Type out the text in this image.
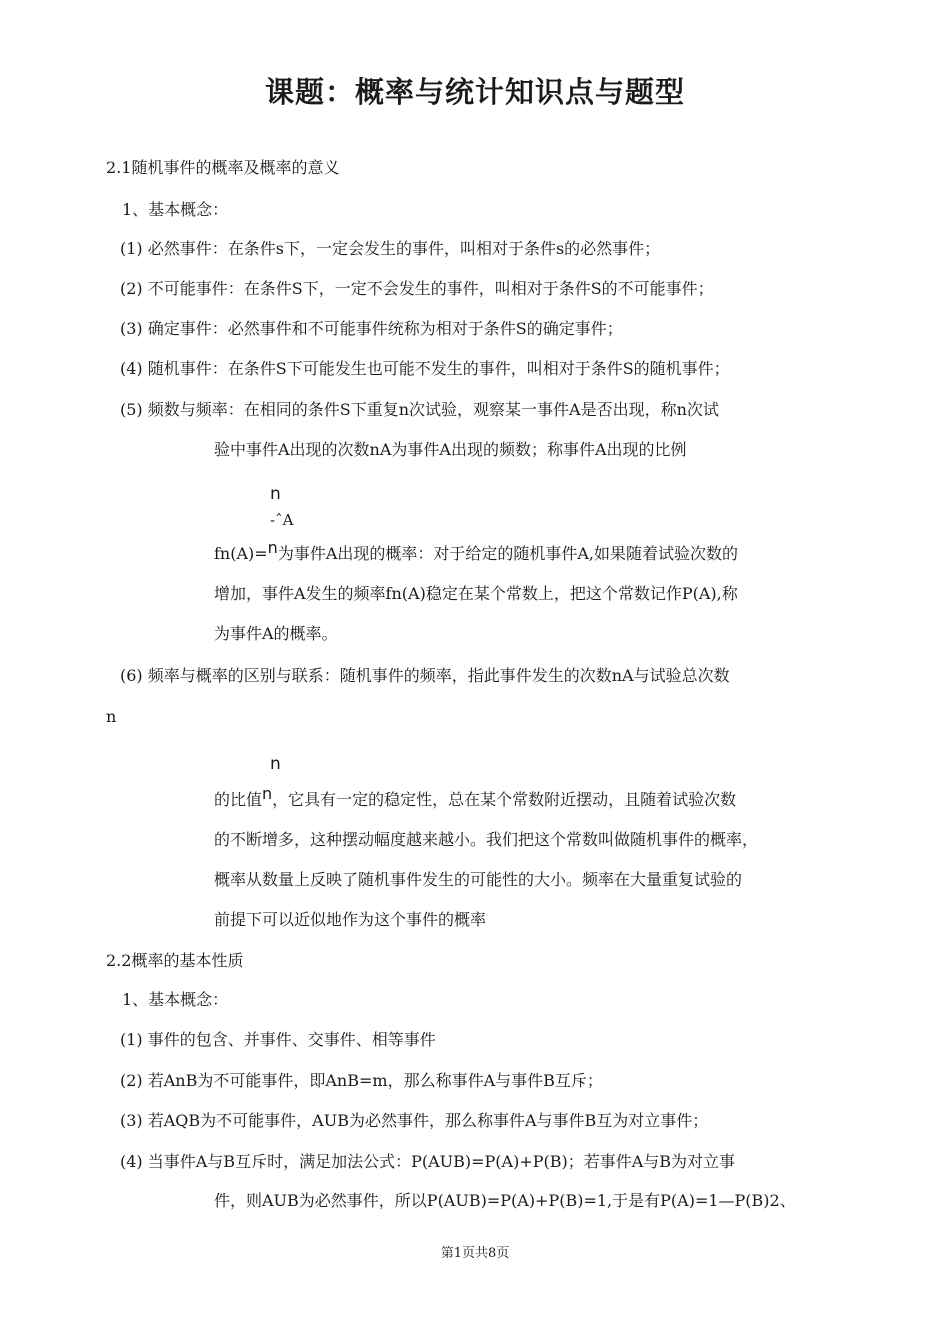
课题：概率与统计知识点与题型
2.1随机事件的概率及概率的意义
1、基本概念：
(1) 必然事件：在条件s下，一定会发生的事件，叫相对于条件s的必然事件；
(2) 不可能事件：在条件S下，一定不会发生的事件，叫相对于条件S的不可能事件；
(3) 确定事件：必然事件和不可能事件统称为相对于条件S的确定事件；
(4) 随机事件：在条件S下可能发生也可能不发生的事件，叫相对于条件S的随机事件；
(5) 频数与频率：在相同的条件S下重复n次试验，观察某一事件A是否出现，称n次试
验中事件A出现的次数nA为事件A出现的频数；称事件A出现的比例
n
-ˆA
fn(A)=n为事件A出现的概率：对于给定的随机事件A,如果随着试验次数的
增加，事件A发生的频率fn(A)稳定在某个常数上，把这个常数记作P(A),称
为事件A的概率。
(6) 频率与概率的区别与联系：随机事件的频率，指此事件发生的次数nA与试验总次数
n
n
的比值n，它具有一定的稳定性，总在某个常数附近摆动，且随着试验次数
的不断增多，这种摆动幅度越来越小。我们把这个常数叫做随机事件的概率，
概率从数量上反映了随机事件发生的可能性的大小。频率在大量重复试验的
前提下可以近似地作为这个事件的概率
2.2概率的基本性质
1、基本概念：
(1) 事件的包含、并事件、交事件、相等事件
(2) 若AnB为不可能事件，即AnB=m，那么称事件A与事件B互斥；
(3) 若AQB为不可能事件，AUB为必然事件，那么称事件A与事件B互为对立事件；
(4) 当事件A与B互斥时，满足加法公式：P(AUB)=P(A)+P(B)；若事件A与B为对立事
件，则AUB为必然事件，所以P(AUB)=P(A)+P(B)=1,于是有P(A)=1—P(B)2、
第1页共8页
